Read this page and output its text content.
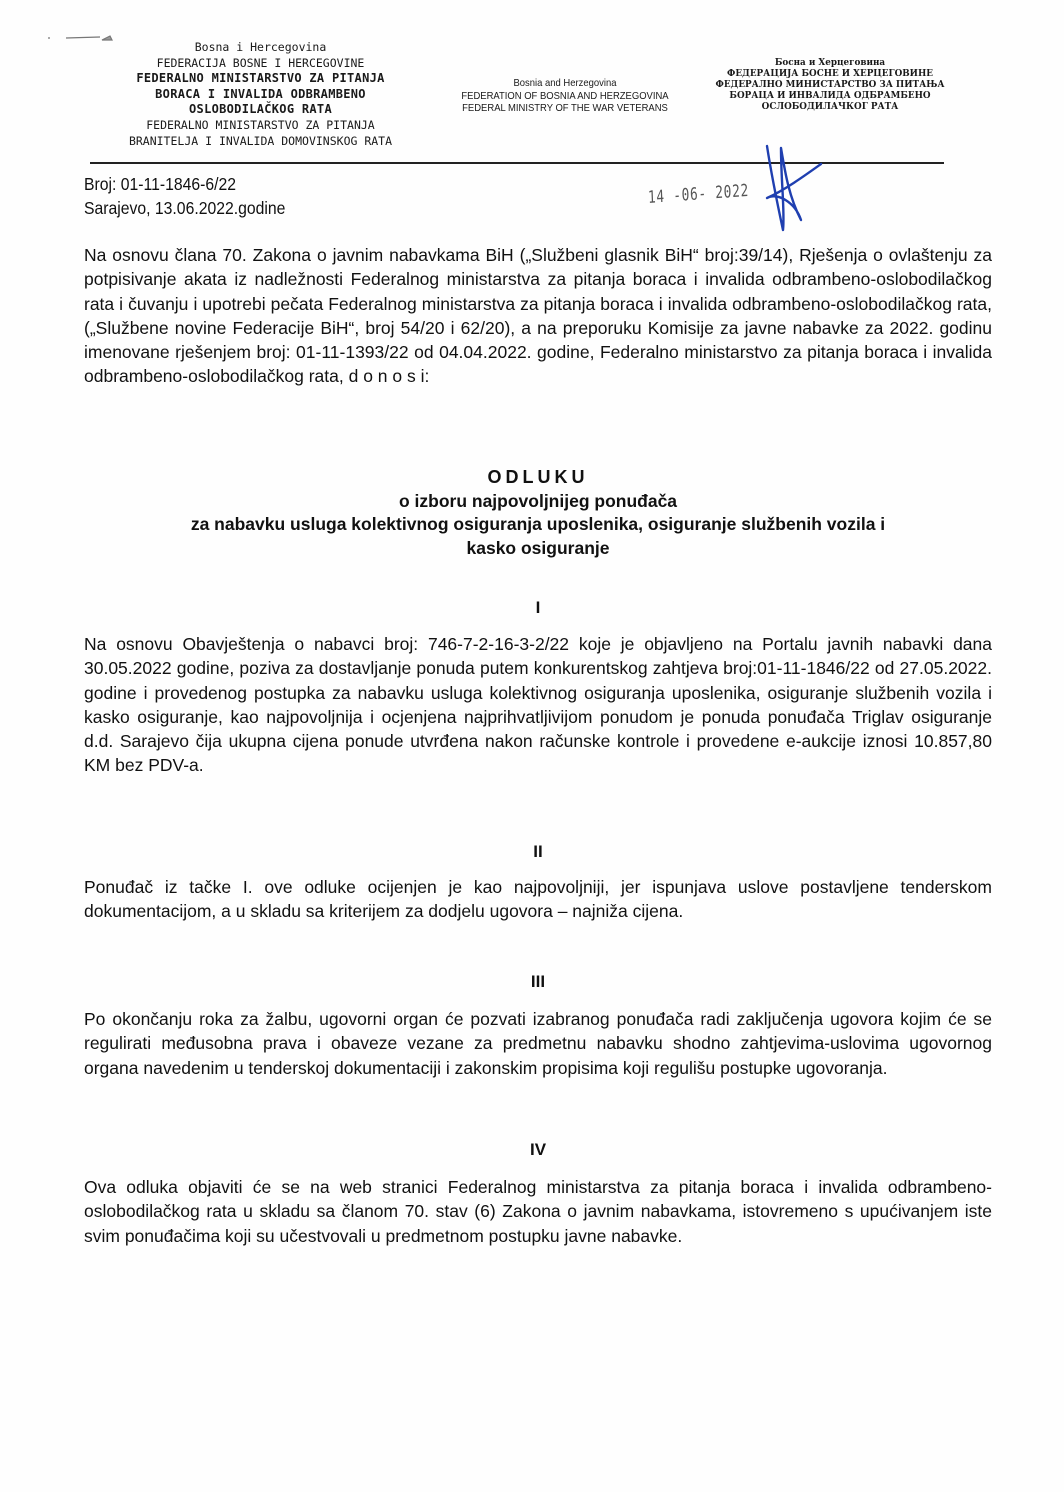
Bosna i Hercegovina
FEDERACIJA BOSNE I HERCEGOVINE
FEDERALNO MINISTARSTVO ZA PITANJA
BORACA I INVALIDA ODBRAMBENO
OSLOBODILAČKOG RATA
FEDERALNO MINISTARSTVO ZA PITANJA
BRANITELJA I INVALIDA DOMOVINSKOG RATA
Bosnia and Herzegovina
FEDERATION OF BOSNIA AND HERZEGOVINA
FEDERAL MINISTRY OF THE WAR VETERANS
Босна и Херцеговина
ФЕДЕРАЦИЈА БОСНЕ И ХЕРЦЕГОВИНЕ
ФЕДЕРАЛНО МИНИСТАРСТВО ЗА ПИТАЊА
БОРАЦА И ИНВАЛИДА ОДБРАМБЕНО
ОСЛОБОДИЛАЧКОГ РАТА
Broj: 01-11-1846-6/22
Sarajevo, 13.06.2022.godine
14 -06- 2022
Na osnovu člana 70. Zakona o javnim nabavkama BiH („Službeni glasnik BiH“ broj:39/14), Rješenja o ovlaštenju za potpisivanje akata iz nadležnosti Federalnog ministarstva za pitanja boraca i invalida odbrambeno-oslobodilačkog rata i čuvanju i upotrebi pečata Federalnog ministarstva za pitanja boraca i invalida odbrambeno-oslobodilačkog rata, („Službene novine Federacije BiH“, broj 54/20 i 62/20), a na preporuku Komisije za javne nabavke za 2022. godinu imenovane rješenjem broj: 01-11-1393/22 od 04.04.2022. godine, Federalno ministarstvo za pitanja boraca i invalida odbrambeno-oslobodilačkog rata, d o n o s i:
ODLUKU
o izboru najpovoljnijeg ponuđača
za nabavku usluga kolektivnog osiguranja uposlenika, osiguranje službenih vozila i
kasko osiguranje
I
Na osnovu Obavještenja o nabavci broj: 746-7-2-16-3-2/22 koje je objavljeno na Portalu javnih nabavki dana 30.05.2022 godine, poziva za dostavljanje ponuda putem konkurentskog zahtjeva broj:01-11-1846/22 od 27.05.2022. godine i provedenog postupka za nabavku usluga kolektivnog osiguranja uposlenika, osiguranje službenih vozila i kasko osiguranje, kao najpovoljnija i ocjenjena najprihvatljivijom ponudom je ponuda ponuđača Triglav osiguranje d.d. Sarajevo čija ukupna cijena ponude utvrđena nakon računske kontrole i provedene e-aukcije iznosi 10.857,80 KM bez PDV-a.
II
Ponuđač iz tačke I. ove odluke ocijenjen je kao najpovoljniji, jer ispunjava uslove postavljene tenderskom dokumentacijom, a u skladu sa kriterijem za dodjelu ugovora – najniža cijena.
III
Po okončanju roka za žalbu, ugovorni organ će pozvati izabranog ponuđača radi zaključenja ugovora kojim će se regulirati međusobna prava i obaveze vezane za predmetnu nabavku shodno zahtjevima-uslovima ugovornog organa navedenim u tenderskoj dokumentaciji i zakonskim propisima koji regulišu postupke ugovoranja.
IV
Ova odluka objaviti će se na web stranici Federalnog ministarstva za pitanja boraca i invalida odbrambeno-oslobodilačkog rata u skladu sa članom 70. stav (6) Zakona o javnim nabavkama, istovremeno s upućivanjem iste svim ponuđačima koji su učestvovali u predmetnom postupku javne nabavke.
